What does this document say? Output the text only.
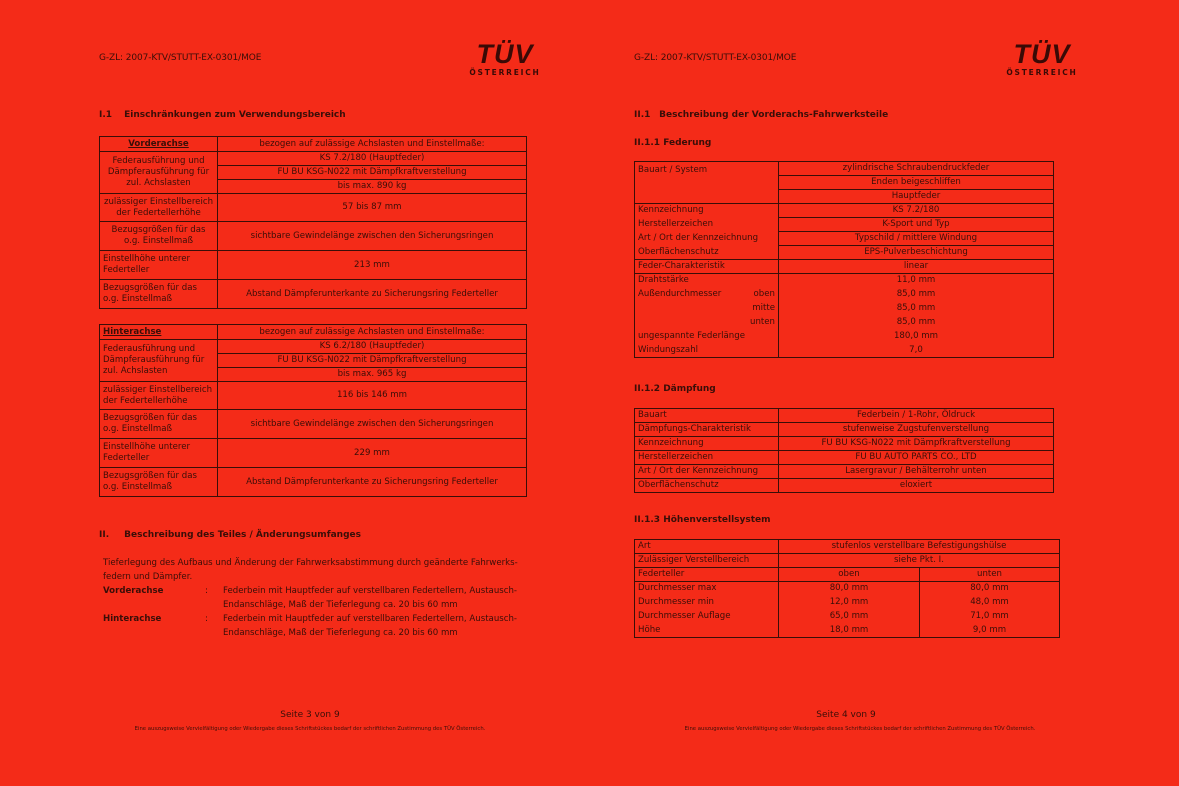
G-ZL: 2007-KTV/STUTT-EX-0301/MOE	TÜV
ÖSTERREICH
I.1 Einschränkungen zum Verwendungsbereich
Vorderachse	bezogen auf zulässige Achslasten und Einstellmaße:
Federausführung und Dämpferausführung für zul. Achslasten	KS 7.2/180 (Hauptfeder)
	FU BU KSG-N022 mit Dämpfkraftverstellung
	bis max. 890 kg
zulässiger Einstellbereich der Federtellerhöhe	57 bis 87 mm
Bezugsgrößen für das o.g. Einstellmaß	sichtbare Gewindelänge zwischen den Sicherungsringen
Einstellhöhe unterer Federteller	213 mm
Bezugsgrößen für das o.g. Einstellmaß	Abstand Dämpferunterkante zu Sicherungsring Federteller
Hinterachse	bezogen auf zulässige Achslasten und Einstellmaße:
Federausführung und Dämpferausführung für zul. Achslasten	KS 6.2/180 (Hauptfeder)
	FU BU KSG-N022 mit Dämpfkraftverstellung
	bis max. 965 kg
zulässiger Einstellbereich der Federtellerhöhe	116 bis 146 mm
Bezugsgrößen für das o.g. Einstellmaß	sichtbare Gewindelänge zwischen den Sicherungsringen
Einstellhöhe unterer Federteller	229 mm
Bezugsgrößen für das o.g. Einstellmaß	Abstand Dämpferunterkante zu Sicherungsring Federteller
II. Beschreibung des Teiles / Änderungsumfanges
Tieferlegung des Aufbaus und Änderung der Fahrwerksabstimmung durch geänderte Fahrwerks-
federn und Dämpfer.
Vorderachse	: Federbein mit Hauptfeder auf verstellbaren Federtellern, Austausch-
Endanschläge, Maß der Tieferlegung ca. 20 bis 60 mm
Hinterachse	: Federbein mit Hauptfeder auf verstellbaren Federtellern, Austausch-
Endanschläge, Maß der Tieferlegung ca. 20 bis 60 mm
Seite 3 von 9
Eine auszugsweise Vervielfältigung oder Wiedergabe dieses Schriftstückes bedarf der schriftlichen Zustimmung des TÜV Österreich.
G-ZL: 2007-KTV/STUTT-EX-0301/MOE	TÜV
ÖSTERREICH
II.1 Beschreibung der Vorderachs-Fahrwerksteile
II.1.1 Federung
Bauart / System		zylindrische Schraubendruckfeder
		Enden beigeschliffen
		Hauptfeder
Kennzeichnung		KS 7.2/180
Herstellerzeichen		K-Sport und Typ
Art / Ort der Kennzeichnung		Typschild / mittlere Windung
Oberflächenschutz		EPS-Pulverbeschichtung
Feder-Charakteristik		linear
Drahtstärke		11,0 mm
Außendurchmesser	oben	85,0 mm
	mitte	85,0 mm
	unten	85,0 mm
ungespannte Federlänge		180,0 mm
Windungszahl		7,0
II.1.2 Dämpfung
Bauart	Federbein / 1-Rohr, Öldruck
Dämpfungs-Charakteristik	stufenweise Zugstufenverstellung
Kennzeichnung	FU BU KSG-N022 mit Dämpfkraftverstellung
Herstellerzeichen	FU BU AUTO PARTS CO., LTD
Art / Ort der Kennzeichnung	Lasergravur / Behälterrohr unten
Oberflächenschutz	eloxiert
II.1.3 Höhenverstellsystem
Art	stufenlos verstellbare Befestigungshülse	
Zulässiger Verstellbereich	siehe Pkt. I.	
Federteller	oben	unten
Durchmesser max	80,0 mm	80,0 mm
Durchmesser min	12,0 mm	48,0 mm
Durchmesser Auflage	65,0 mm	71,0 mm
Höhe	18,0 mm	9,0 mm
Seite 4 von 9
Eine auszugsweise Vervielfältigung oder Wiedergabe dieses Schriftstückes bedarf der schriftlichen Zustimmung des TÜV Österreich.
